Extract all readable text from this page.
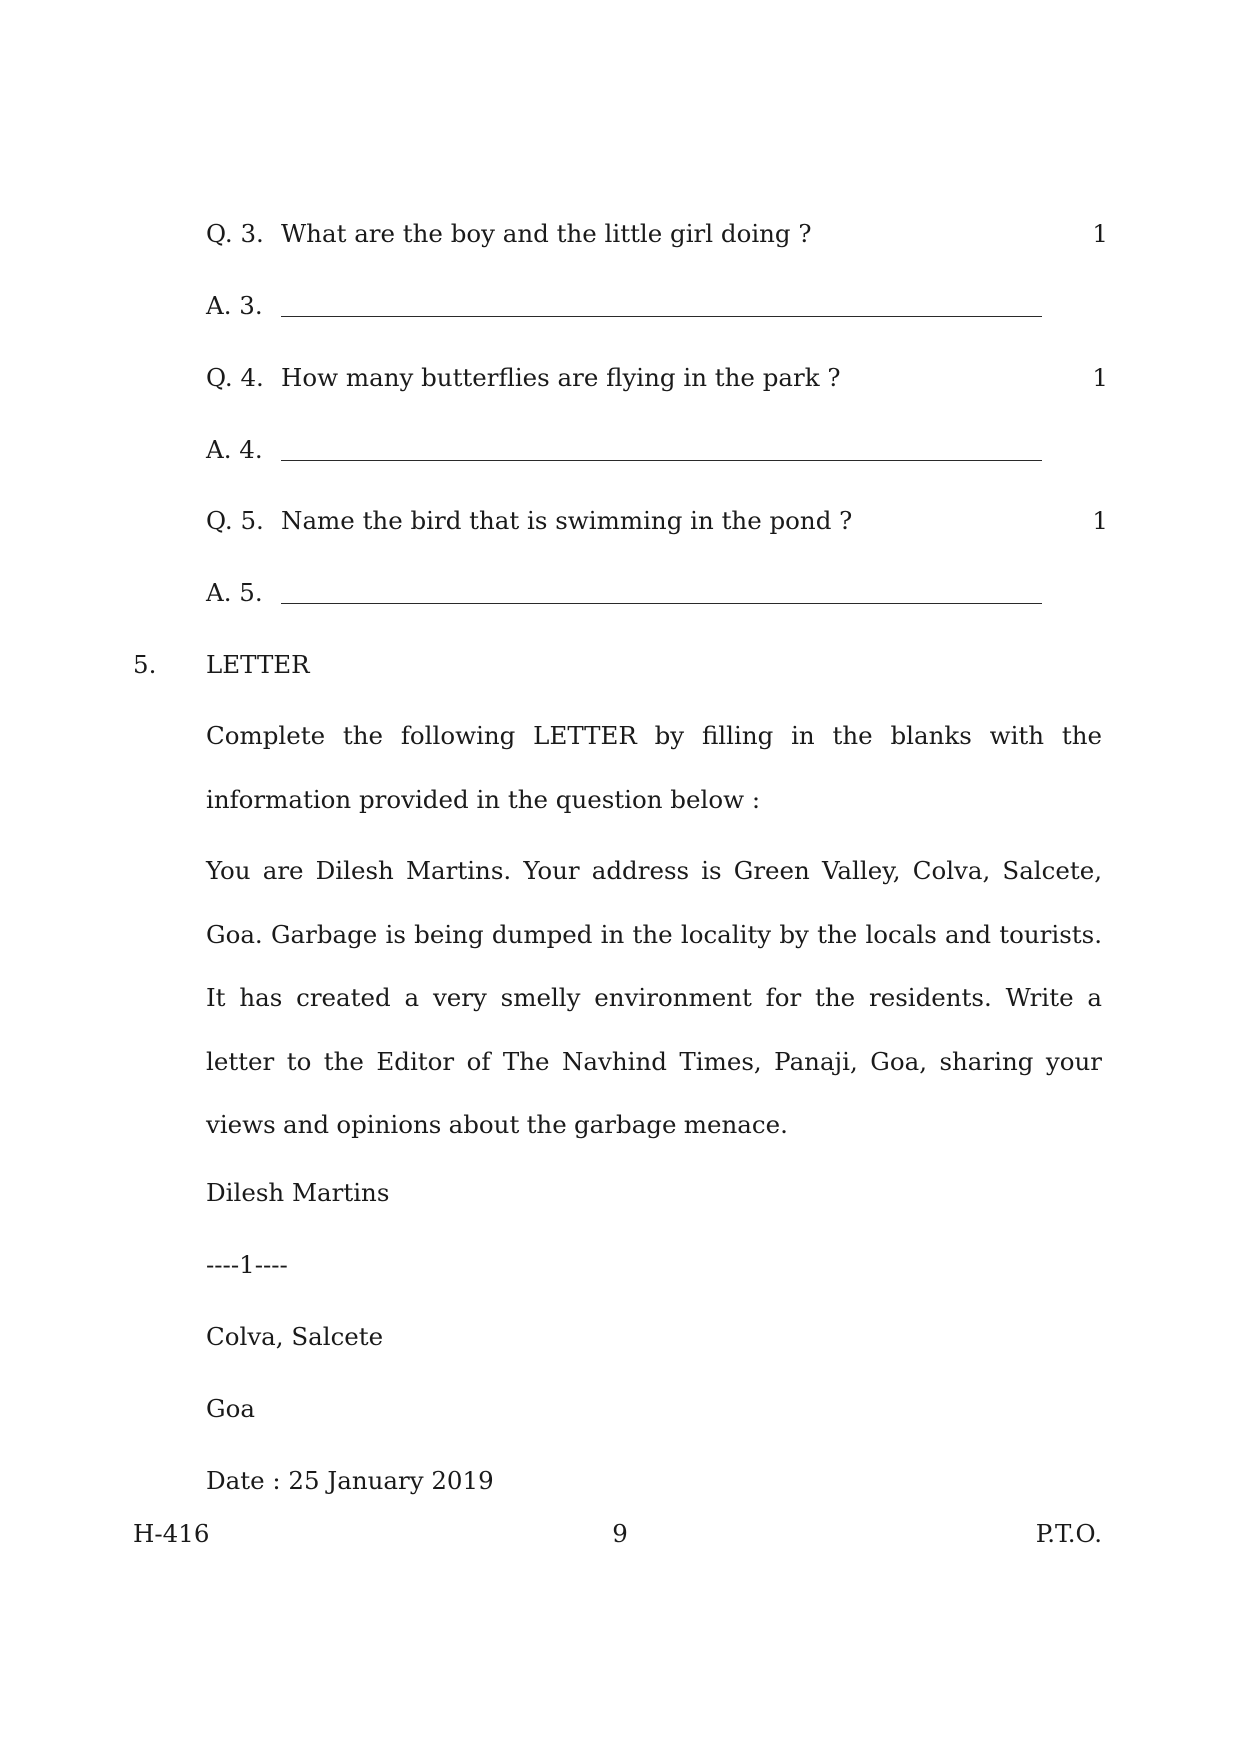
Q. 3. What are the boy and the little girl doing ?	1
A. 3.
Q. 4. How many butterflies are flying in the park ?	1
A. 4.
Q. 5. Name the bird that is swimming in the pond ?	1
A. 5.
5. LETTER
Complete the following LETTER by filling in the blanks with the information provided in the question below :
You are Dilesh Martins. Your address is Green Valley, Colva, Salcete, Goa. Garbage is being dumped in the locality by the locals and tourists. It has created a very smelly environment for the residents. Write a letter to the Editor of The Navhind Times, Panaji, Goa, sharing your views and opinions about the garbage menace.
Dilesh Martins
----1----
Colva, Salcete
Goa
Date : 25 January 2019
H-416	9	P.T.O.
